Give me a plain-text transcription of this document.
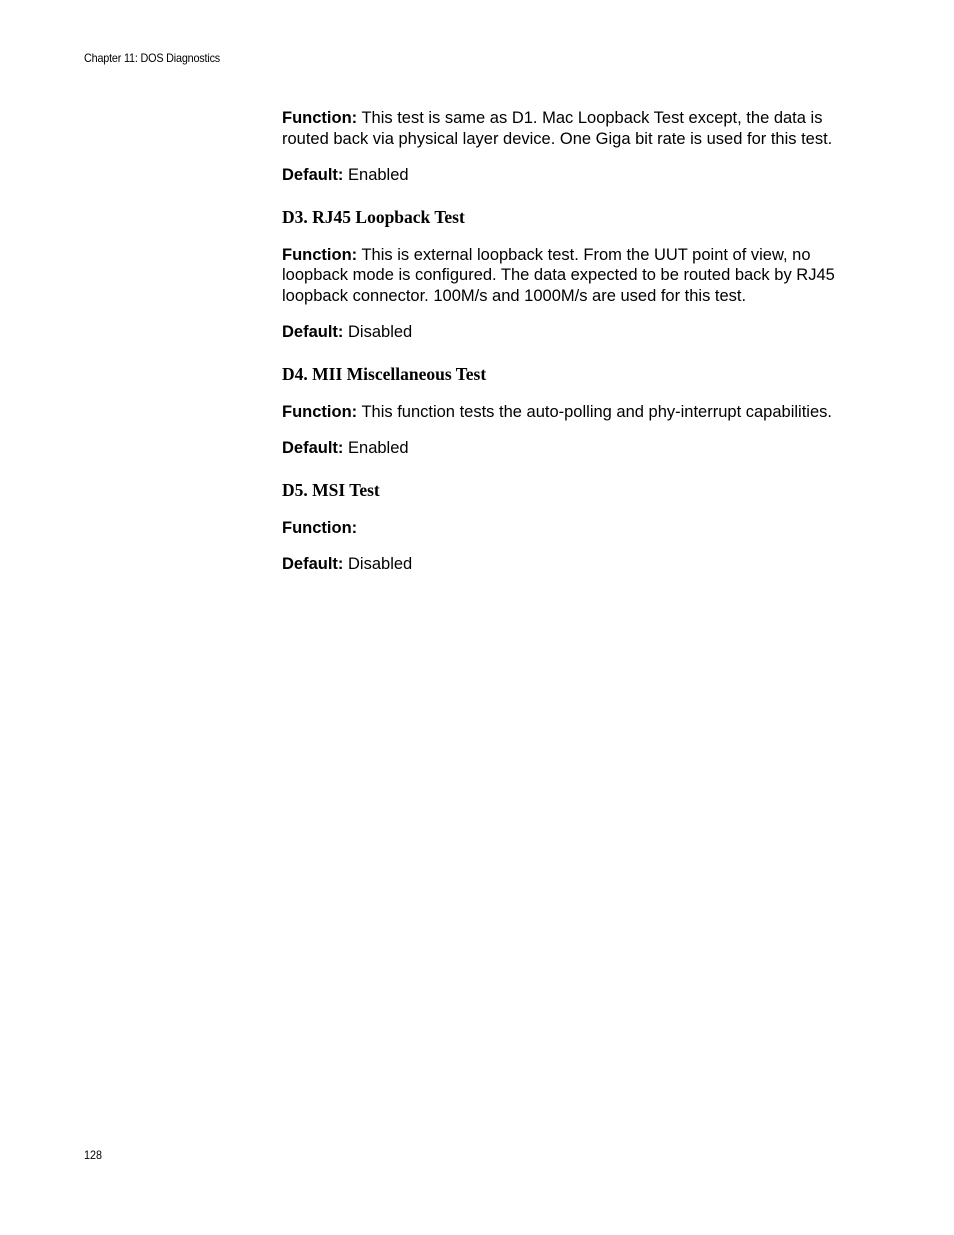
Chapter 11: DOS Diagnostics

Function: This test is same as D1. Mac Loopback Test except, the data is routed back via physical layer device. One Giga bit rate is used for this test.

Default: Enabled

D3. RJ45 Loopback Test

Function: This is external loopback test. From the UUT point of view, no loopback mode is configured. The data expected to be routed back by RJ45 loopback connector. 100M/s and 1000M/s are used for this test.

Default: Disabled

D4. MII Miscellaneous Test

Function: This function tests the auto-polling and phy-interrupt capabilities.

Default: Enabled

D5. MSI Test

Function:

Default: Disabled

128
